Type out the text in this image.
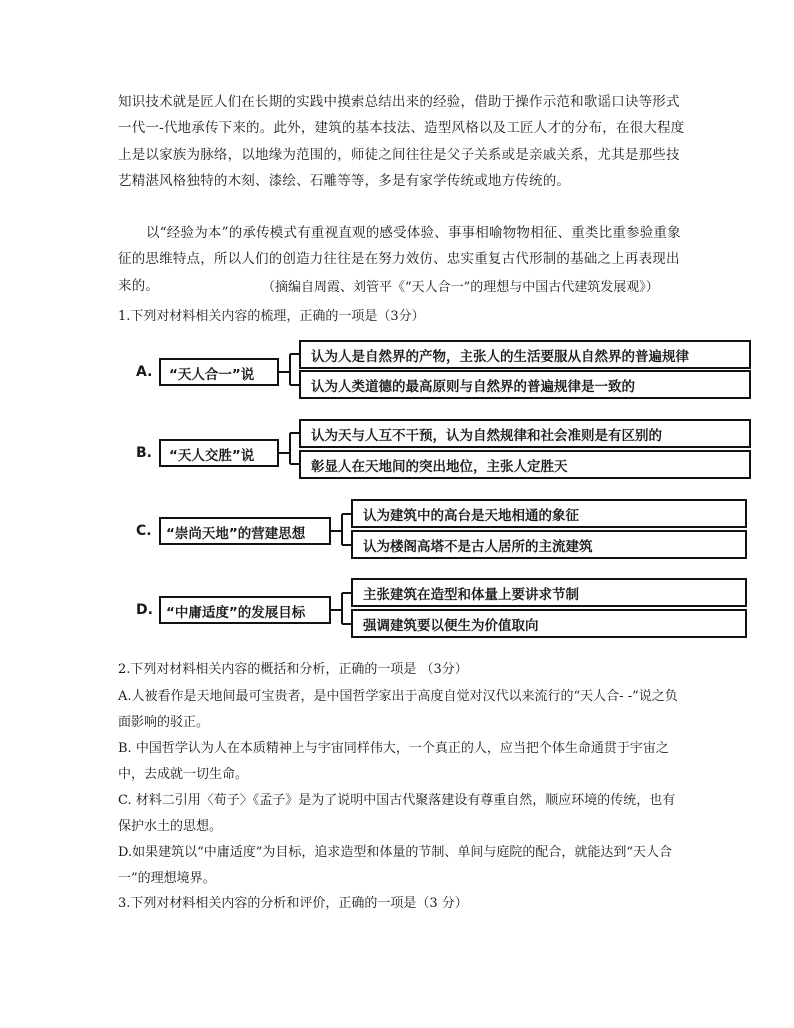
知识技术就是匠人们在长期的实践中摸索总结出来的经验，借助于操作示范和歌谣口诀等形式一代一-代地承传下来的。此外，建筑的基本技法、造型风格以及工匠人才的分布，在很大程度上是以家族为脉络，以地缘为范围的，师徒之间往往是父子关系或是亲戚关系，尤其是那些技艺精湛风格独特的木刻、漆绘、石雕等等，多是有家学传统或地方传统的。
以“经验为本”的承传模式有重视直观的感受体验、事事相喻物物相征、重类比重参验重象征的思维特点，所以人们的创造力往往是在努力效仿、忠实重复古代形制的基础之上再表现出来的。	（摘编自周霞、刘管平《“天人合一”的理想与中国古代建筑发展观》）
1.下列对材料相关内容的梳理，正确的一项是（3分）
A. “天人合一”说
认为人是自然界的产物，主张人的生活要服从自然界的普遍规律
认为人类道德的最高原则与自然界的普遍规律是一致的
B. “天人交胜”说
认为天与人互不干预，认为自然规律和社会准则是有区别的
彰显人在天地间的突出地位，主张人定胜天
C. “崇尚天地”的营建思想
认为建筑中的高台是天地相通的象征
认为楼阁高塔不是古人居所的主流建筑
D. “中庸适度”的发展目标
主张建筑在造型和体量上要讲求节制
强调建筑要以便生为价值取向
2.下列对材料相关内容的概括和分析，正确的一项是 （3分）
A.人被看作是天地间最可宝贵者，是中国哲学家出于高度自觉对汉代以来流行的“天人合- -”说之负面影响的驳正。
B. 中国哲学认为人在本质精神上与宇宙同样伟大，一个真正的人，应当把个体生命通贯于宇宙之中，去成就一切生命。
C. 材料二引用〈荀子〉《孟子》是为了说明中国古代聚落建设有尊重自然，顺应环境的传统，也有保护水土的思想。
D.如果建筑以“中庸适度”为目标，追求造型和体量的节制、单间与庭院的配合，就能达到“天人合一”的理想境界。
3.下列对材料相关内容的分析和评价，正确的一项是（3 分）
